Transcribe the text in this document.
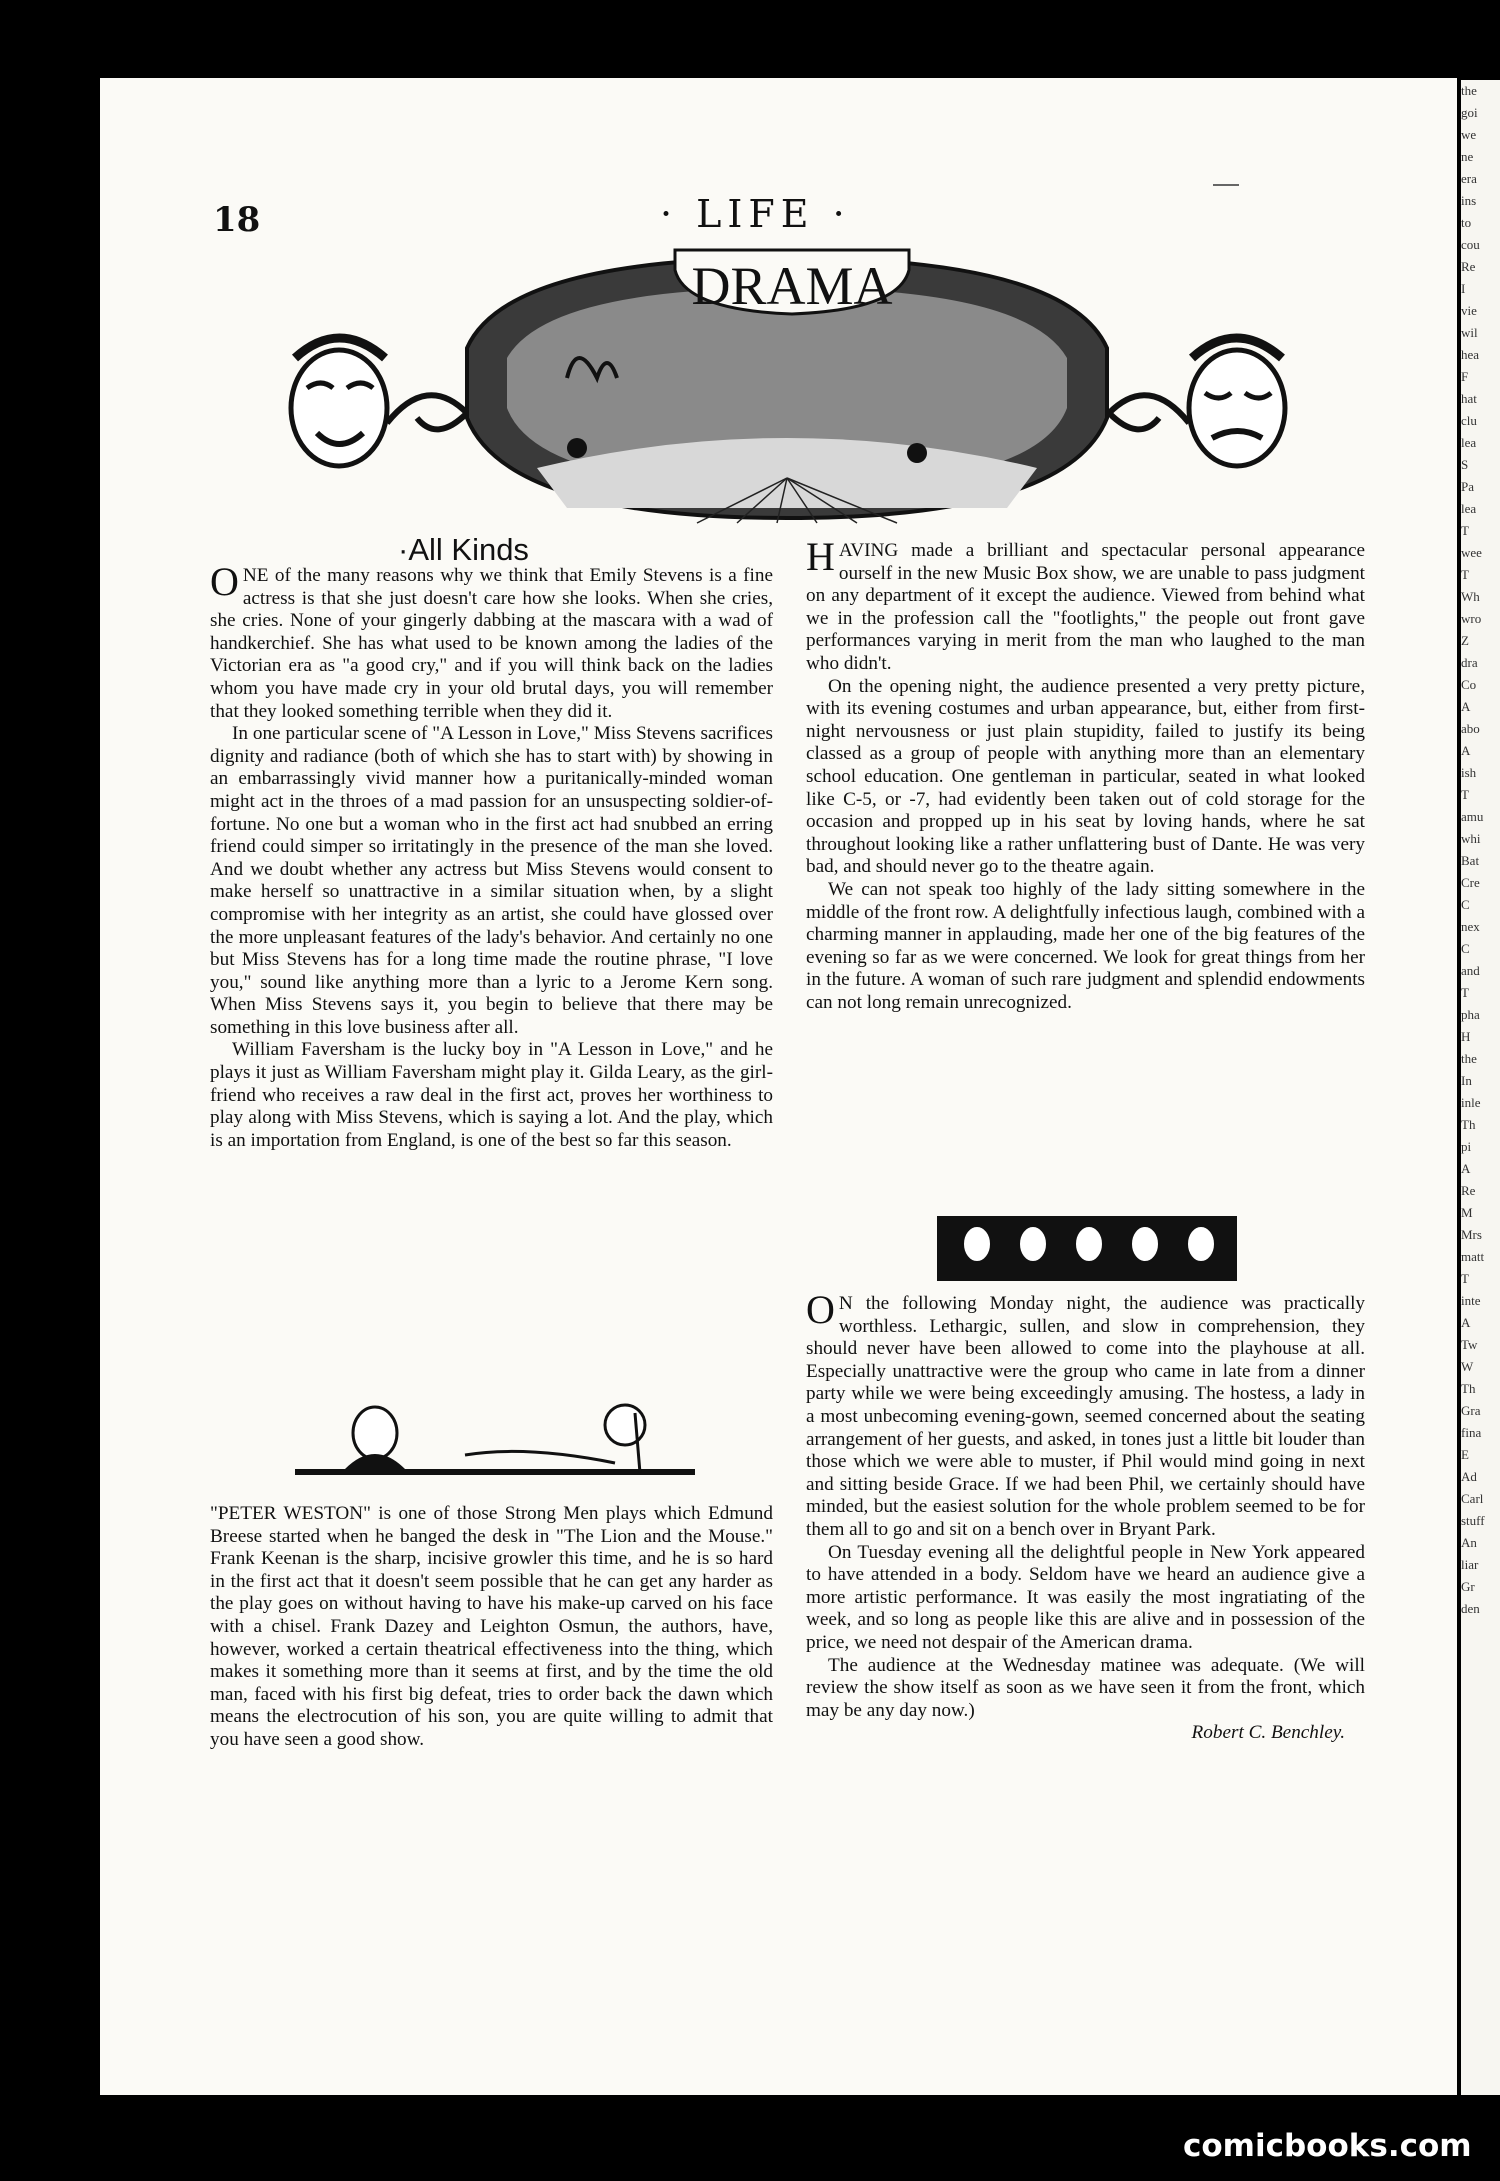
the
goi
we
ne
era
ins
to
cou
Re
I
vie
wil
hea
F
hat
clu
lea
S
Pa
lea
T
wee
T
Wh
wro
Z
dra
Co
A
abo
A
ish
T
amu
whi
Bat
Cre
C
nex
C
and
T
pha
H
the
In
inle
Th
pi
A
Re
M
Mrs
matt
T
inte
A
Tw
W
Th
Gra
fina
E
Ad
Carl
stuff
An
liar
Gr
den
18	· LIFE ·
DRAMA
·All Kinds

ONE of the many reasons why we think that Emily Stevens is a fine actress is that she just doesn't care how she looks. When she cries, she cries. None of your gingerly dabbing at the mascara with a wad of handkerchief. She has what used to be known among the ladies of the Victorian era as "a good cry," and if you will think back on the ladies whom you have made cry in your old brutal days, you will remember that they looked something terrible when they did it.

In one particular scene of "A Lesson in Love," Miss Stevens sacrifices dignity and radiance (both of which she has to start with) by showing in an embarrassingly vivid manner how a puritanically-minded woman might act in the throes of a mad passion for an unsuspecting soldier-of-fortune. No one but a woman who in the first act had snubbed an erring friend could simper so irritatingly in the presence of the man she loved. And we doubt whether any actress but Miss Stevens would consent to make herself so unattractive in a similar situation when, by a slight compromise with her integrity as an artist, she could have glossed over the more unpleasant features of the lady's behavior. And certainly no one but Miss Stevens has for a long time made the routine phrase, "I love you," sound like anything more than a lyric to a Jerome Kern song. When Miss Stevens says it, you begin to believe that there may be something in this love business after all.

William Faversham is the lucky boy in "A Lesson in Love," and he plays it just as William Faversham might play it. Gilda Leary, as the girl-friend who receives a raw deal in the first act, proves her worthiness to play along with Miss Stevens, which is saying a lot. And the play, which is an importation from England, is one of the best so far this season.

"PETER WESTON" is one of those Strong Men plays which Edmund Breese started when he banged the desk in "The Lion and the Mouse." Frank Keenan is the sharp, incisive growler this time, and he is so hard in the first act that it doesn't seem possible that he can get any harder as the play goes on without having to have his make-up carved on his face with a chisel. Frank Dazey and Leighton Osmun, the authors, have, however, worked a certain theatrical effectiveness into the thing, which makes it something more than it seems at first, and by the time the old man, faced with his first big defeat, tries to order back the dawn which means the electrocution of his son, you are quite willing to admit that you have seen a good show.

HAVING made a brilliant and spectacular personal appearance ourself in the new Music Box show, we are unable to pass judgment on any department of it except the audience. Viewed from behind what we in the profession call the "footlights," the people out front gave performances varying in merit from the man who laughed to the man who didn't.

On the opening night, the audience presented a very pretty picture, with its evening costumes and urban appearance, but, either from first-night nervousness or just plain stupidity, failed to justify its being classed as a group of people with anything more than an elementary school education. One gentleman in particular, seated in what looked like C-5, or -7, had evidently been taken out of cold storage for the occasion and propped up in his seat by loving hands, where he sat throughout looking like a rather unflattering bust of Dante. He was very bad, and should never go to the theatre again.

We can not speak too highly of the lady sitting somewhere in the middle of the front row. A delightfully infectious laugh, combined with a charming manner in applauding, made her one of the big features of the evening so far as we were concerned. We look for great things from her in the future. A woman of such rare judgment and splendid endowments can not long remain unrecognized.

O N the following Monday night, the audience was practically worthless. Lethargic, sullen, and slow in comprehension, they should never have been allowed to come into the playhouse at all. Especially unattractive were the group who came in late from a dinner party while we were being exceedingly amusing. The hostess, a lady in a most unbecoming evening-gown, seemed concerned about the seating arrangement of her guests, and asked, in tones just a little bit louder than those which we were able to muster, if Phil would mind going in next and sitting beside Grace. If we had been Phil, we certainly should have minded, but the easiest solution for the whole problem seemed to be for them all to go and sit on a bench over in Bryant Park.

On Tuesday evening all the delightful people in New York appeared to have attended in a body. Seldom have we heard an audience give a more artistic performance. It was easily the most ingratiating of the week, and so long as people like this are alive and in possession of the price, we need not despair of the American drama.

The audience at the Wednesday matinee was adequate. (We will review the show itself as soon as we have seen it from the front, which may be any day now.)

Robert C. Benchley.

comicbooks.com
